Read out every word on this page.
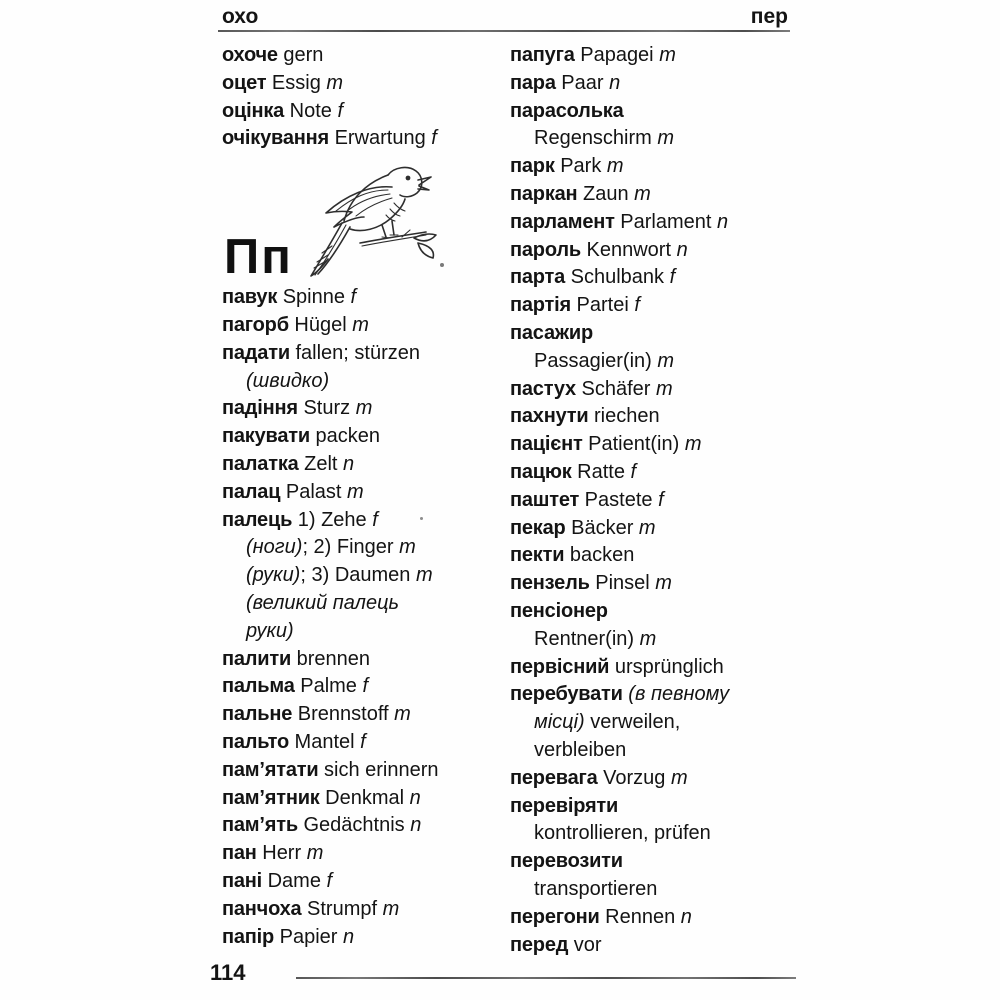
охо	пер

охоче gern

оцет Essig m

оцінка Note f

очікування Erwartung f

Пп

павук Spinne f

пагорб Hügel m

падати fallen; stürzen
(швидко)

падіння Sturz m

пакувати packen

палатка Zelt n

палац Palast m

палець 1) Zehe f
(ноги); 2) Finger m
(руки); 3) Daumen m
(великий палець
руки)

палити brennen

пальма Palme f

пальне Brennstoff m

пальто Mantel f

пам’ятати sich erinnern

пам’ятник Denkmal n

пам’ять Gedächtnis n

пан Herr m

пані Dame f

панчоха Strumpf m

папір Papier n

папуга Papagei m

пара Paar n

парасолька
Regenschirm m

парк Park m

паркан Zaun m

парламент Parlament n

пароль Kennwort n

парта Schulbank f

партія Partei f

пасажир
Passagier(in) m

пастух Schäfer m

пахнути riechen

пацієнт Patient(in) m

пацюк Ratte f

паштет Pastete f

пекар Bäcker m

пекти backen

пензель Pinsel m

пенсіонер
Rentner(in) m

первісний ursprünglich

перебувати (в певному
місці) verweilen,
verbleiben

перевага Vorzug m

перевіряти
kontrollieren, prüfen

перевозити
transportieren

перегони Rennen n

перед vor

114
